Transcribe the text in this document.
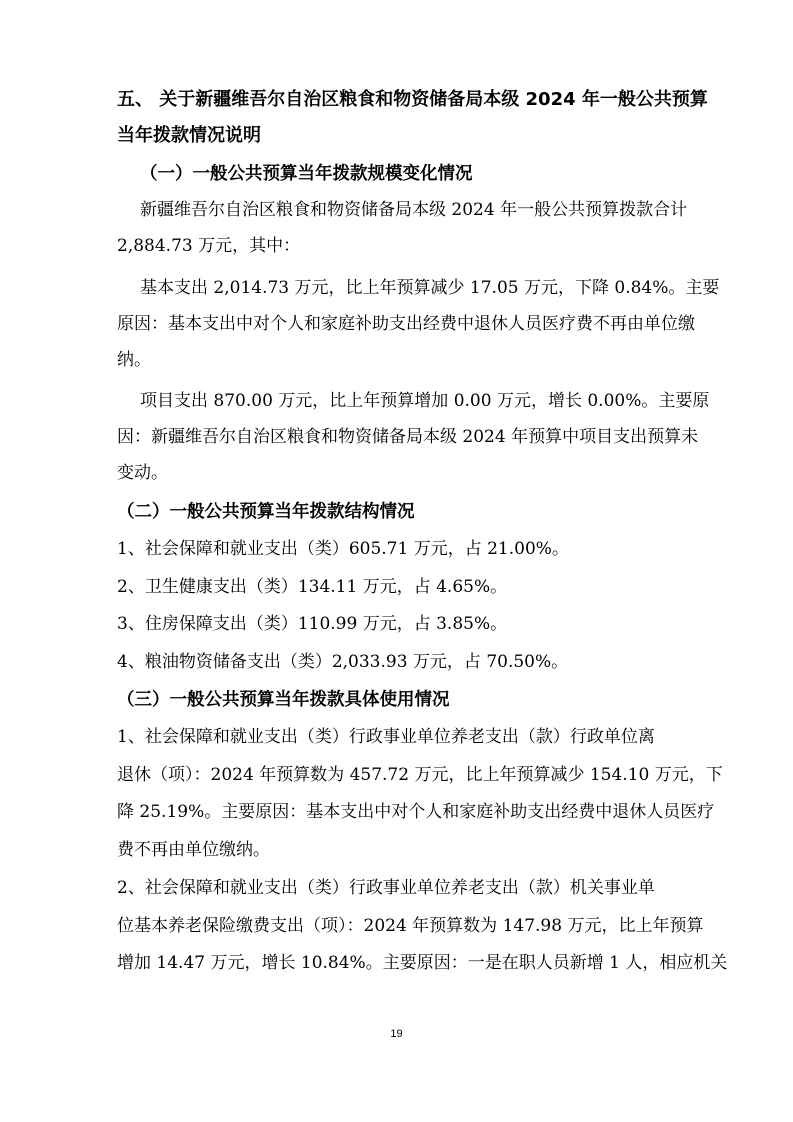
五、 关于新疆维吾尔自治区粮食和物资储备局本级 2024 年一般公共预算
当年拨款情况说明
（一）一般公共预算当年拨款规模变化情况
新疆维吾尔自治区粮食和物资储备局本级 2024 年一般公共预算拨款合计
2,884.73 万元，其中：
基本支出 2,014.73 万元，比上年预算减少 17.05 万元，下降 0.84%。主要
原因：基本支出中对个人和家庭补助支出经费中退休人员医疗费不再由单位缴
纳。
项目支出 870.00 万元，比上年预算增加 0.00 万元，增长 0.00%。主要原
因：新疆维吾尔自治区粮食和物资储备局本级 2024 年预算中项目支出预算未
变动。
（二）一般公共预算当年拨款结构情况
1、社会保障和就业支出（类）605.71 万元，占 21.00%。
2、卫生健康支出（类）134.11 万元，占 4.65%。
3、住房保障支出（类）110.99 万元，占 3.85%。
4、粮油物资储备支出（类）2,033.93 万元，占 70.50%。
（三）一般公共预算当年拨款具体使用情况
1、社会保障和就业支出（类）行政事业单位养老支出（款）行政单位离
退休（项）：2024 年预算数为 457.72 万元，比上年预算减少 154.10 万元，下
降 25.19%。主要原因：基本支出中对个人和家庭补助支出经费中退休人员医疗
费不再由单位缴纳。
2、社会保障和就业支出（类）行政事业单位养老支出（款）机关事业单
位基本养老保险缴费支出（项）：2024 年预算数为 147.98 万元，比上年预算
增加 14.47 万元，增长 10.84%。主要原因：一是在职人员新增 1 人，相应机关
19
